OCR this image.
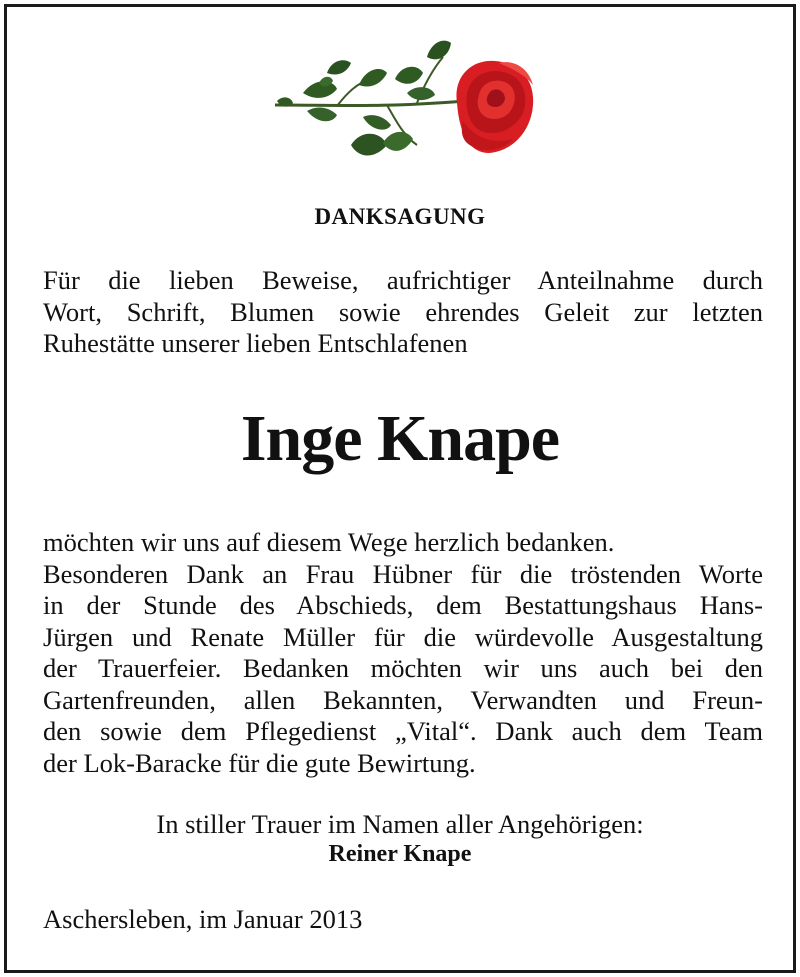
DANKSAGUNG
Für die lieben Beweise, aufrichtiger Anteilnahme durch
Wort, Schrift, Blumen sowie ehrendes Geleit zur letzten
Ruhestätte unserer lieben Entschlafenen
Inge Knape
möchten wir uns auf diesem Wege herzlich bedanken.
Besonderen Dank an Frau Hübner für die tröstenden Worte
in der Stunde des Abschieds, dem Bestattungshaus Hans-
Jürgen und Renate Müller für die würdevolle Ausgestaltung
der Trauerfeier. Bedanken möchten wir uns auch bei den
Gartenfreunden, allen Bekannten, Verwandten und Freun-
den sowie dem Pflegedienst „Vital“. Dank auch dem Team
der Lok-Baracke für die gute Bewirtung.
In stiller Trauer im Namen aller Angehörigen:
Reiner Knape
Aschersleben, im Januar 2013
